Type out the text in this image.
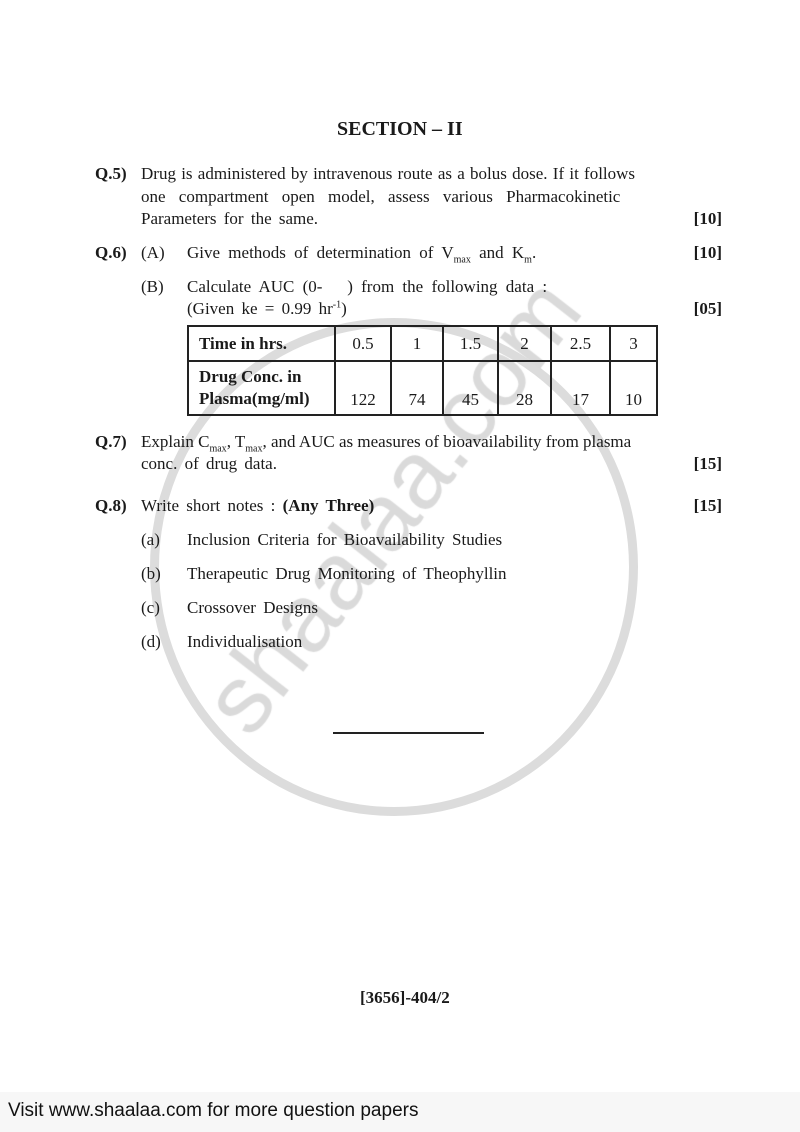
SECTION – II
Q.5) Drug is administered by intravenous route as a bolus dose. If it follows
one compartment open model, assess various Pharmacokinetic
Parameters for the same.	[10]
Q.6) (A) Give methods of determination of $V_{max}$ and $K_m$.	[10]
(B) Calculate AUC (0-   ) from the following data :
(Given ke = 0.99 $hr^{-1}$)	[05]
Time in hrs.	0.5	1	1.5	2	2.5	3
Drug Conc. in
Plasma(mg/ml)	122	74	45	28	17	10
Q.7) Explain $C_{max}$, $T_{max}$, and AUC as measures of bioavailability from plasma
conc. of drug data.	[15]
Q.8) Write short notes : (Any Three)	[15]
(a) Inclusion Criteria for Bioavailability Studies
(b) Therapeutic Drug Monitoring of Theophyllin
(c) Crossover Designs
(d) Individualisation
[3656]-404/2
Visit www.shaalaa.com for more question papers
